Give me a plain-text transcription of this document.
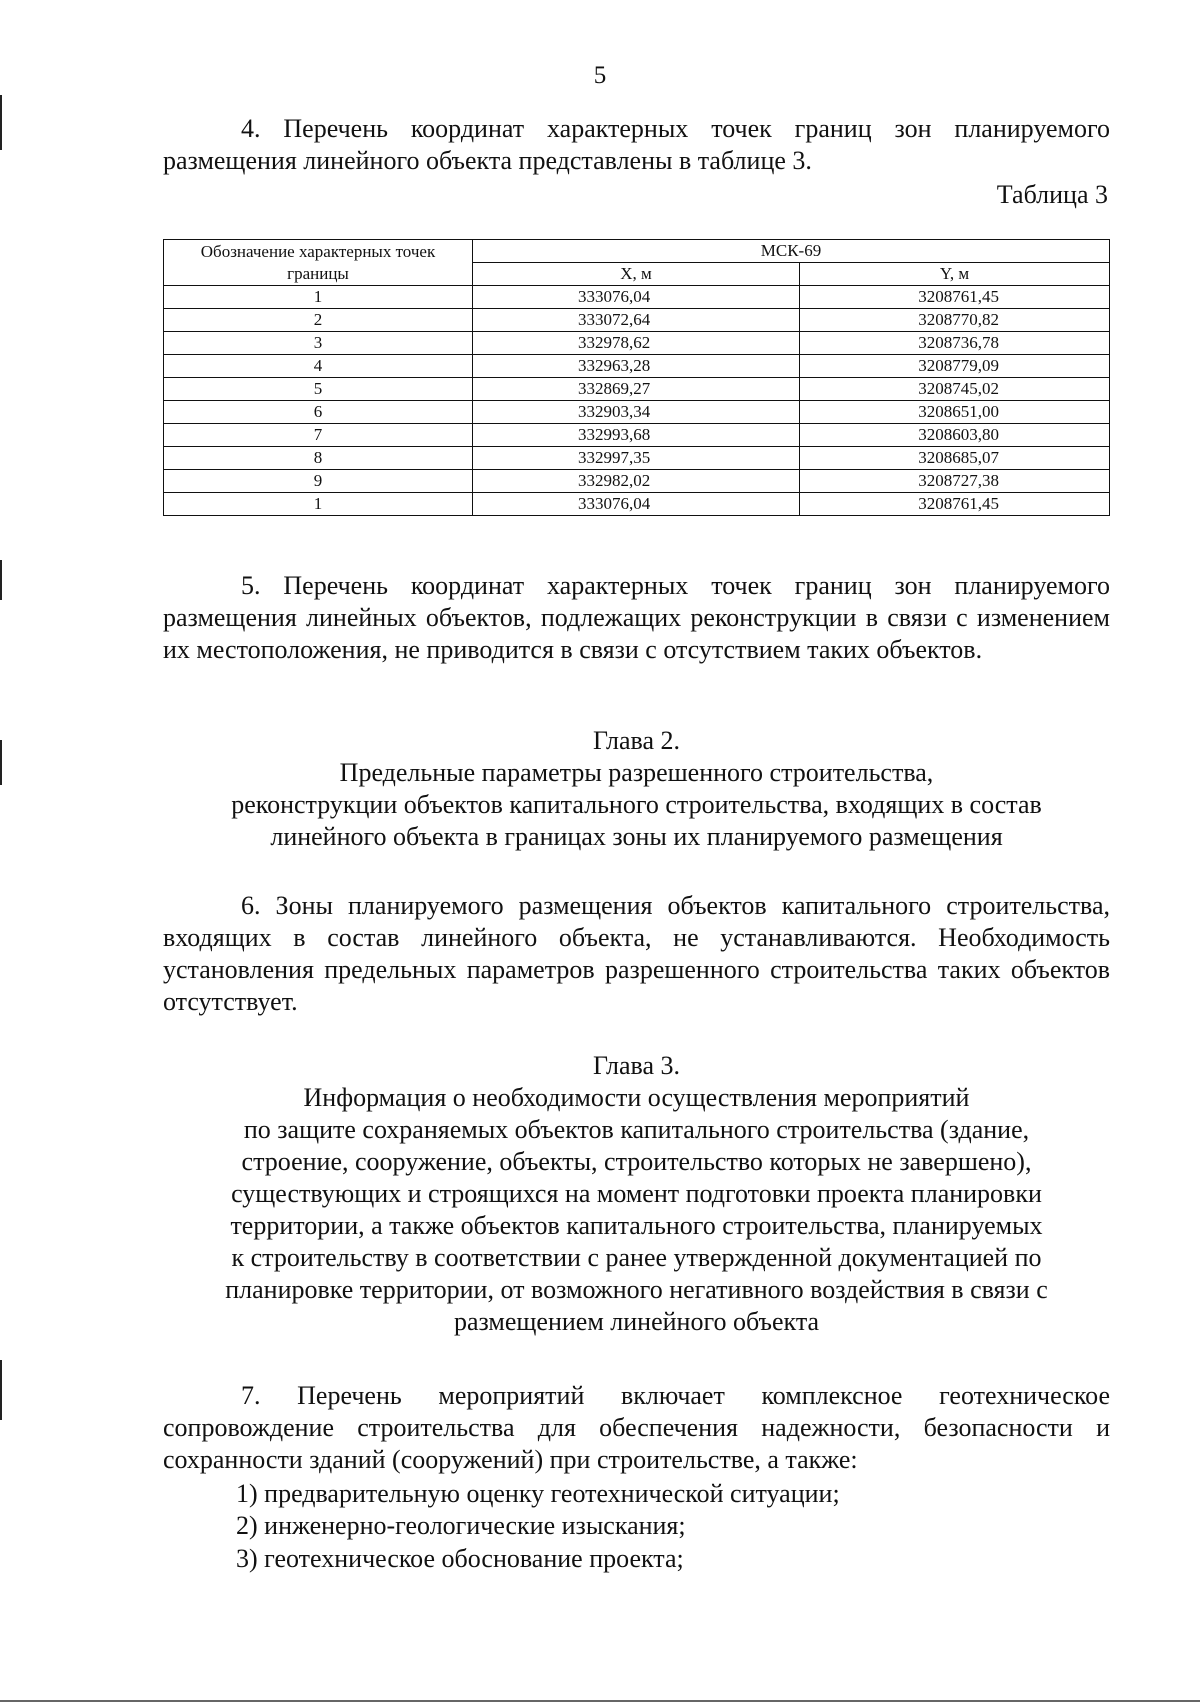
5
4. Перечень координат характерных точек границ зон планируемого размещения линейного объекта представлены в таблице 3.
Таблица 3
Обозначение характерных точек границы	МСК-69	
	X, м	Y, м
1	333076,04	3208761,45
2	333072,64	3208770,82
3	332978,62	3208736,78
4	332963,28	3208779,09
5	332869,27	3208745,02
6	332903,34	3208651,00
7	332993,68	3208603,80
8	332997,35	3208685,07
9	332982,02	3208727,38
1	333076,04	3208761,45
5. Перечень координат характерных точек границ зон планируемого размещения линейных объектов, подлежащих реконструкции в связи с изменением их местоположения, не приводится в связи с отсутствием таких объектов.
Глава 2.
Предельные параметры разрешенного строительства,
реконструкции объектов капитального строительства, входящих в состав
линейного объекта в границах зоны их планируемого размещения
6. Зоны планируемого размещения объектов капитального строительства, входящих в состав линейного объекта, не устанавливаются. Необходимость установления предельных параметров разрешенного строительства таких объектов отсутствует.
Глава 3.
Информация о необходимости осуществления мероприятий
по защите сохраняемых объектов капитального строительства (здание,
строение, сооружение, объекты, строительство которых не завершено),
существующих и строящихся на момент подготовки проекта планировки
территории, а также объектов капитального строительства, планируемых
к строительству в соответствии с ранее утвержденной документацией по
планировке территории, от возможного негативного воздействия в связи с
размещением линейного объекта
7. Перечень мероприятий включает комплексное геотехническое сопровождение строительства для обеспечения надежности, безопасности и сохранности зданий (сооружений) при строительстве, а также:
1) предварительную оценку геотехнической ситуации;
2) инженерно-геологические изыскания;
3) геотехническое обоснование проекта;
